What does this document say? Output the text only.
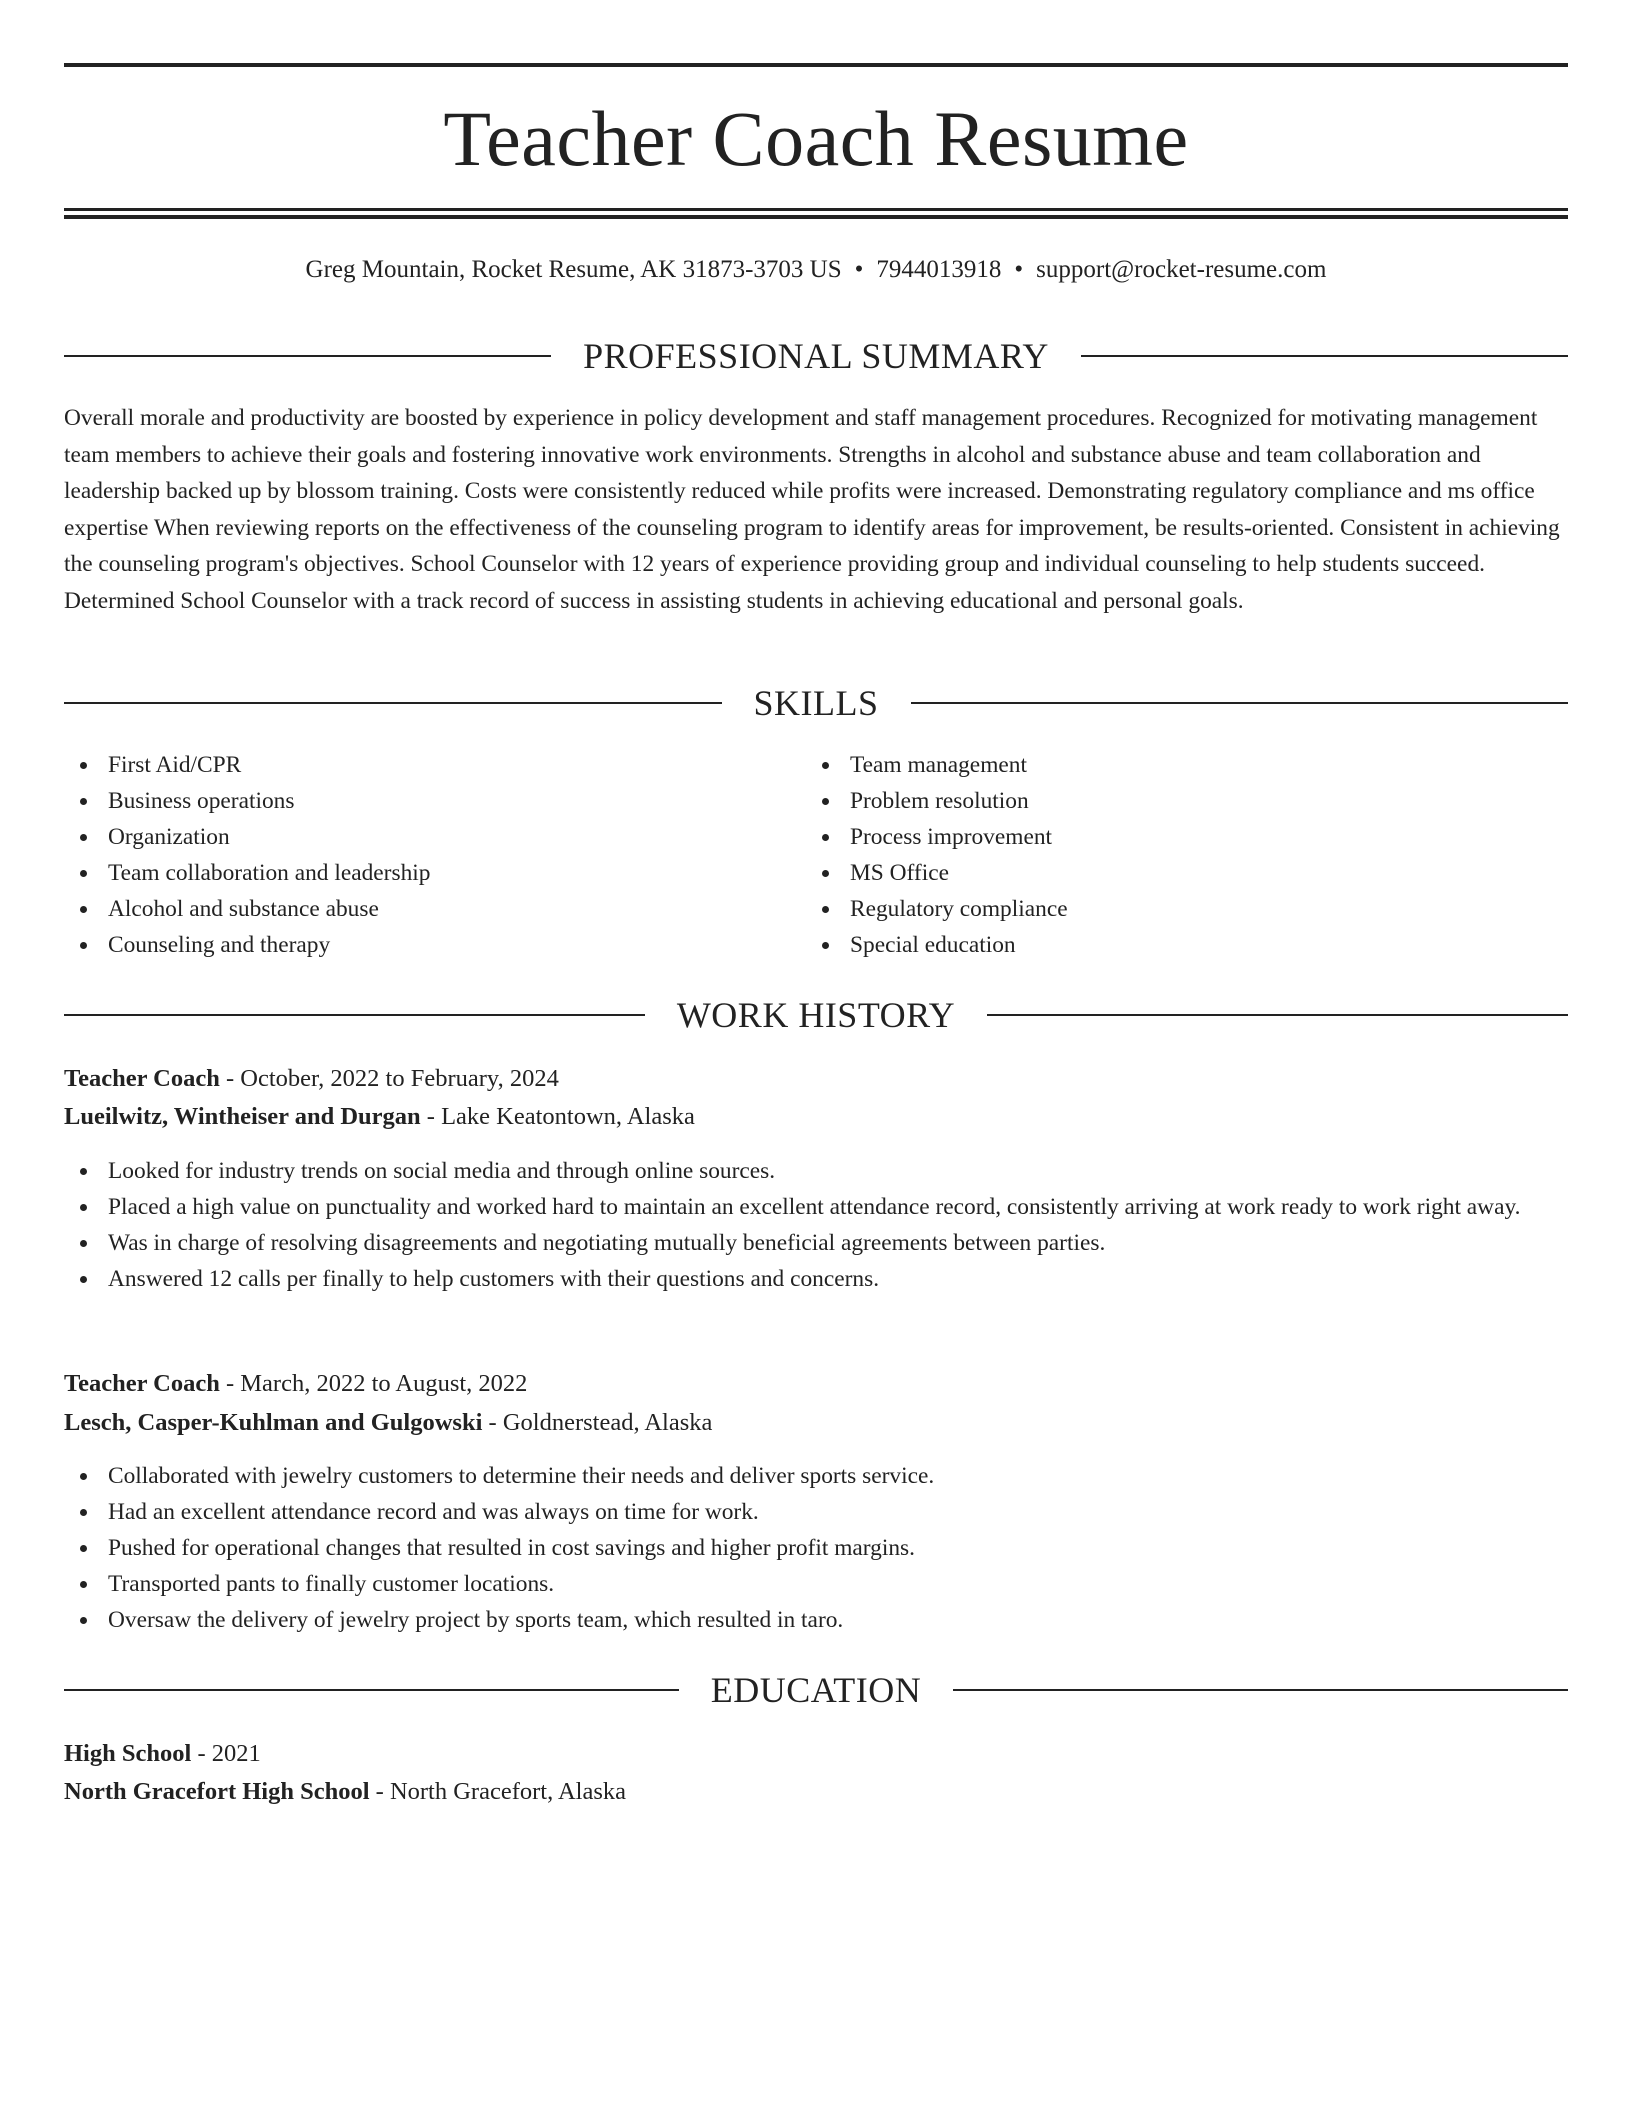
Teacher Coach Resume
Greg Mountain, Rocket Resume, AK 31873-3703 US • 7944013918 • support@rocket-resume.com
PROFESSIONAL SUMMARY

Overall morale and productivity are boosted by experience in policy development and staff management procedures. Recognized for motivating management team members to achieve their goals and fostering innovative work environments. Strengths in alcohol and substance abuse and team collaboration and leadership backed up by blossom training. Costs were consistently reduced while profits were increased. Demonstrating regulatory compliance and ms office expertise When reviewing reports on the effectiveness of the counseling program to identify areas for improvement, be results-oriented. Consistent in achieving the counseling program's objectives. School Counselor with 12 years of experience providing group and individual counseling to help students succeed. Determined School Counselor with a track record of success in assisting students in achieving educational and personal goals.

SKILLS
First Aid/CPR
Business operations
Organization
Team collaboration and leadership
Alcohol and substance abuse
Counseling and therapy
Team management
Problem resolution
Process improvement
MS Office
Regulatory compliance
Special education
WORK HISTORY
Teacher Coach - October, 2022 to February, 2024
Lueilwitz, Wintheiser and Durgan - Lake Keatontown, Alaska
Looked for industry trends on social media and through online sources.
Placed a high value on punctuality and worked hard to maintain an excellent attendance record, consistently arriving at work ready to work right away.
Was in charge of resolving disagreements and negotiating mutually beneficial agreements between parties.
Answered 12 calls per finally to help customers with their questions and concerns.
Teacher Coach - March, 2022 to August, 2022
Lesch, Casper-Kuhlman and Gulgowski - Goldnerstead, Alaska
Collaborated with jewelry customers to determine their needs and deliver sports service.
Had an excellent attendance record and was always on time for work.
Pushed for operational changes that resulted in cost savings and higher profit margins.
Transported pants to finally customer locations.
Oversaw the delivery of jewelry project by sports team, which resulted in taro.
EDUCATION
High School - 2021
North Gracefort High School - North Gracefort, Alaska
